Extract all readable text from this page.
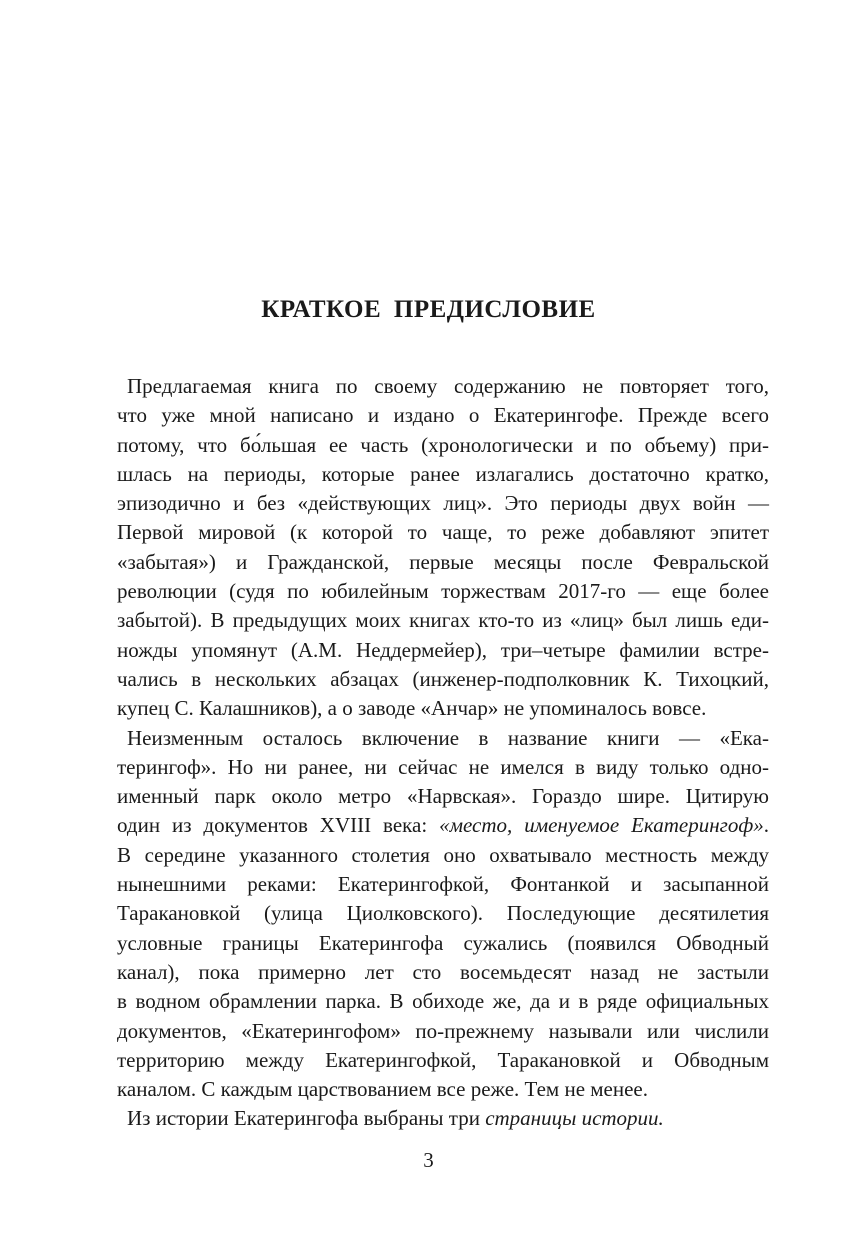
КРАТКОЕ ПРЕДИСЛОВИЕ
Предлагаемая книга по своему содержанию не повторяет того,
что уже мной написано и издано о Екатерингофе. Прежде всего
потому, что бо́льшая ее часть (хронологически и по объему) при-
шлась на периоды, которые ранее излагались достаточно кратко,
эпизодично и без «действующих лиц». Это периоды двух войн —
Первой мировой (к которой то чаще, то реже добавляют эпитет
«забытая») и Гражданской, первые месяцы после Февральской
революции (судя по юбилейным торжествам 2017-го — еще более
забытой). В предыдущих моих книгах кто-то из «лиц» был лишь еди-
ножды упомянут (А.М. Неддермейер), три–четыре фамилии встре-
чались в нескольких абзацах (инженер-подполковник К. Тихоцкий,
купец С. Калашников), а о заводе «Анчар» не упоминалось вовсе.
Неизменным осталось включение в название книги — «Ека-
терингоф». Но ни ранее, ни сейчас не имелся в виду только одно-
именный парк около метро «Нарвская». Гораздо шире. Цитирую
один из документов XVIII века: «место, именуемое Екатерингоф».
В середине указанного столетия оно охватывало местность между
нынешними реками: Екатерингофкой, Фонтанкой и засыпанной
Таракановкой (улица Циолковского). Последующие десятилетия
условные границы Екатерингофа сужались (появился Обводный
канал), пока примерно лет сто восемьдесят назад не застыли
в водном обрамлении парка. В обиходе же, да и в ряде официальных
документов, «Екатерингофом» по-прежнему называли или числили
территорию между Екатерингофкой, Таракановкой и Обводным
каналом. С каждым царствованием все реже. Тем не менее.
Из истории Екатерингофа выбраны три страницы истории.
3
